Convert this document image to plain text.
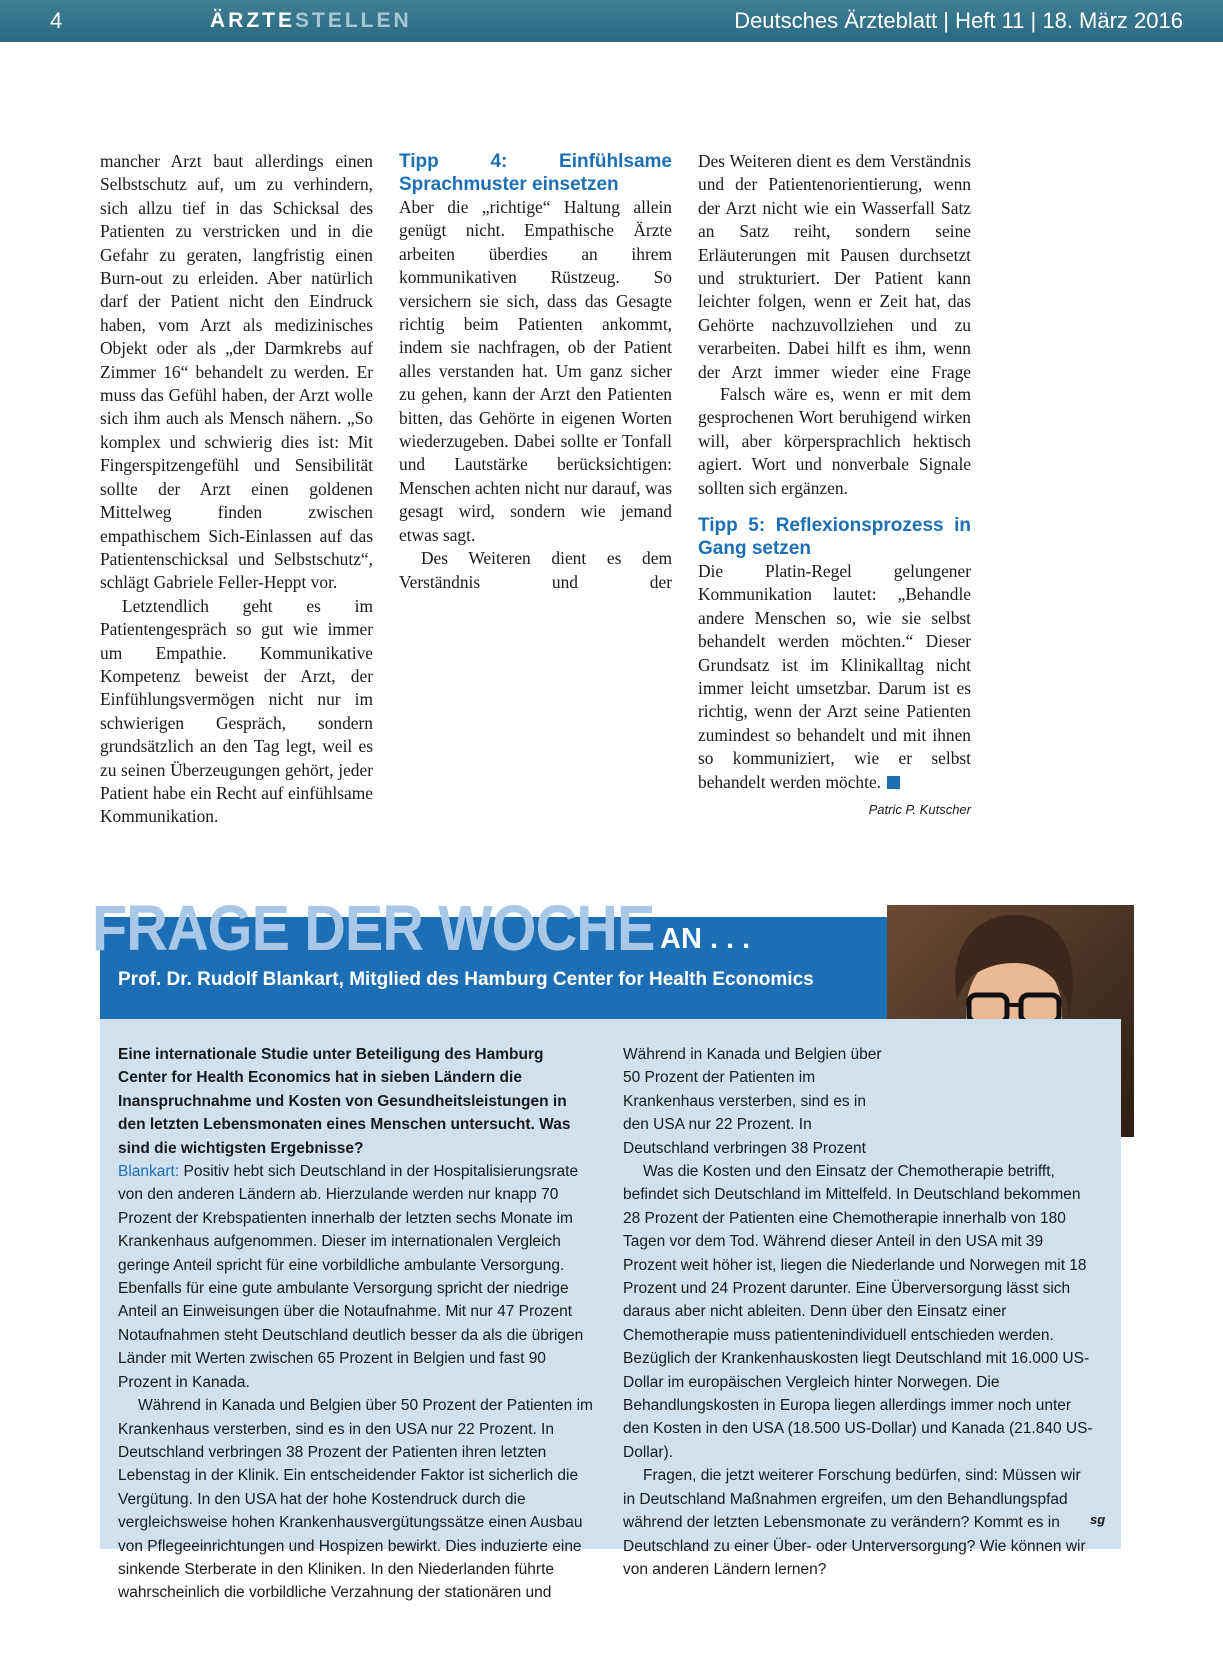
4	ÄRZTESTELLEN	Deutsches Ärzteblatt | Heft 11 | 18. März 2016

mancher Arzt baut allerdings einen Selbstschutz auf, um zu verhindern, sich allzu tief in das Schicksal des Patienten zu verstricken und in die Gefahr zu geraten, langfristig einen Burn-out zu erleiden. Aber natürlich darf der Patient nicht den Eindruck haben, vom Arzt als medizinisches Objekt oder als „der Darmkrebs auf Zimmer 16“ behandelt zu werden. Er muss das Gefühl haben, der Arzt wolle sich ihm auch als Mensch nähern. „So komplex und schwierig dies ist: Mit Fingerspitzengefühl und Sensibilität sollte der Arzt einen goldenen Mittelweg finden zwischen empathischem Sich-Einlassen auf das Patientenschicksal und Selbstschutz“, schlägt Gabriele Feller-Heppt vor.

Letztendlich geht es im Patientengespräch so gut wie immer um Empathie. Kommunikative Kompetenz beweist der Arzt, der Einfühlungsvermögen nicht nur im schwierigen Gespräch, sondern grundsätzlich an den Tag legt, weil es zu seinen Überzeugungen gehört, jeder Patient habe ein Recht auf einfühlsame Kommunikation.

Tipp 4: Einfühlsame Sprachmuster einsetzen

Aber die „richtige“ Haltung allein genügt nicht. Empathische Ärzte arbeiten überdies an ihrem kommunikativen Rüstzeug. So versichern sie sich, dass das Gesagte richtig beim Patienten ankommt, indem sie nachfragen, ob der Patient alles verstanden hat. Um ganz sicher zu gehen, kann der Arzt den Patienten bitten, das Gehörte in eigenen Worten wiederzugeben. Dabei sollte er Tonfall und Lautstärke berücksichtigen: Menschen achten nicht nur darauf, was gesagt wird, sondern wie jemand etwas sagt.

Des Weiteren dient es dem Verständnis und der

Des Weiteren dient es dem Verständnis und der Patientenorientierung, wenn der Arzt nicht wie ein Wasserfall Satz an Satz reiht, sondern seine Erläuterungen mit Pausen durchsetzt und strukturiert. Der Patient kann leichter folgen, wenn er Zeit hat, das Gehörte nachzuvollziehen und zu verarbeiten. Dabei hilft es ihm, wenn der Arzt immer wieder eine Frage

Falsch wäre es, wenn er mit dem gesprochenen Wort beruhigend wirken will, aber körpersprachlich hektisch agiert. Wort und nonverbale Signale sollten sich ergänzen.

Tipp 5: Reflexionsprozess in Gang setzen

Die Platin-Regel gelungener Kommunikation lautet: „Behandle andere Menschen so, wie sie selbst behandelt werden möchten.“ Dieser Grundsatz ist im Klinikalltag nicht immer leicht umsetzbar. Darum ist es richtig, wenn der Arzt seine Patienten zumindest so behandelt und mit ihnen so kommuniziert, wie er selbst behandelt werden möchte.

Patric P. Kutscher
FRAGE DER WOCHE AN . . .
Prof. Dr. Rudolf Blankart, Mitglied des Hamburg Center for Health Economics

Eine internationale Studie unter Beteiligung des Hamburg Center for Health Economics hat in sieben Ländern die Inanspruchnahme und Kosten von Gesundheitsleistungen in den letzten Lebensmonaten eines Menschen untersucht. Was sind die wichtigsten Ergebnisse?

Blankart: Positiv hebt sich Deutschland in der Hospitalisierungsrate von den anderen Ländern ab. Hierzulande werden nur knapp 70 Prozent der Krebspatienten innerhalb der letzten sechs Monate im Krankenhaus aufgenommen. Dieser im internationalen Vergleich geringe Anteil spricht für eine vorbildliche ambulante Versorgung. Ebenfalls für eine gute ambulante Versorgung spricht der niedrige Anteil an Einweisungen über die Notaufnahme. Mit nur 47 Prozent Notaufnahmen steht Deutschland deutlich besser da als die übrigen Länder mit Werten zwischen 65 Prozent in Belgien und fast 90 Prozent in Kanada.

Während in Kanada und Belgien über 50 Prozent der Patienten im Krankenhaus versterben, sind es in den USA nur 22 Prozent. In Deutschland verbringen 38 Prozent der Patienten ihren letzten Lebenstag in der Klinik. Ein entscheidender Faktor ist sicherlich die Vergütung. In den USA hat der hohe Kostendruck durch die vergleichsweise hohen Krankenhausvergütungssätze einen Ausbau von Pflegeeinrichtungen und Hospizen bewirkt. Dies induzierte eine sinkende Sterberate in den Kliniken. In den Niederlanden führte wahrscheinlich die vorbildliche Verzahnung der stationären und

Während in Kanada und Belgien über 50 Prozent der Patienten im Krankenhaus versterben, sind es in den USA nur 22 Prozent. In Deutschland verbringen 38 Prozent

Was die Kosten und den Einsatz der Chemotherapie betrifft, befindet sich Deutschland im Mittelfeld. In Deutschland bekommen 28 Prozent der Patienten eine Chemotherapie innerhalb von 180 Tagen vor dem Tod. Während dieser Anteil in den USA mit 39 Prozent weit höher ist, liegen die Niederlande und Norwegen mit 18 Prozent und 24 Prozent darunter. Eine Überversorgung lässt sich daraus aber nicht ableiten. Denn über den Einsatz einer Chemotherapie muss patientenindividuell entschieden werden. Bezüglich der Krankenhauskosten liegt Deutschland mit 16.000 US-Dollar im europäischen Vergleich hinter Norwegen. Die Behandlungskosten in Europa liegen allerdings immer noch unter den Kosten in den USA (18.500 US-Dollar) und Kanada (21.840 US-Dollar).

Fragen, die jetzt weiterer Forschung bedürfen, sind: Müssen wir in Deutschland Maßnahmen ergreifen, um den Behandlungspfad während der letzten Lebensmonate zu verändern? Kommt es in Deutschland zu einer Über- oder Unterversorgung? Wie können wir von anderen Ländern lernen?

sg
